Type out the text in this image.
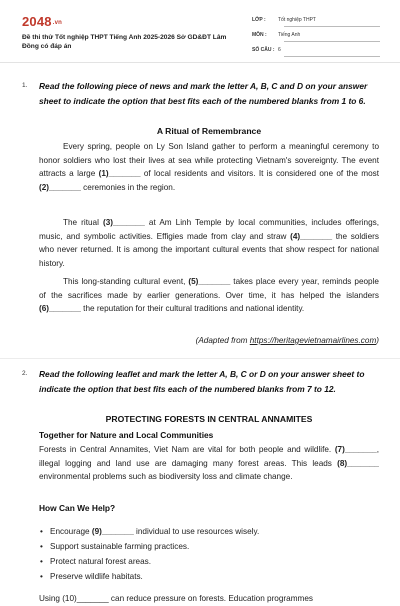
2048.vn
Đề thi thử Tốt nghiệp THPT Tiếng Anh 2025-2026 Sở GD&ĐT Lâm Đồng có đáp án
LỚP : Tốt nghiệp THPT
MÔN : Tiếng Anh
SỐ CÂU : 6
1. Read the following piece of news and mark the letter A, B, C and D on your answer sheet to indicate the option that best fits each of the numbered blanks from 1 to 6.
A Ritual of Remembrance
Every spring, people on Ly Son Island gather to perform a meaningful ceremony to honor soldiers who lost their lives at sea while protecting Vietnam's sovereignty. The event attracts a large (1)_______ of local residents and visitors. It is considered one of the most (2)_______ ceremonies in the region.
The ritual (3)_______ at Am Linh Temple by local communities, includes offerings, music, and symbolic activities. Effigies made from clay and straw (4)_______ the soldiers who never returned. It is among the important cultural events that show respect for national history.
This long-standing cultural event, (5)_______ takes place every year, reminds people of the sacrifices made by earlier generations. Over time, it has helped the islanders (6)_______ the reputation for their cultural traditions and national identity.
(Adapted from https://heritagevietnamairlines.com)
2. Read the following leaflet and mark the letter A, B, C or D on your answer sheet to indicate the option that best fits each of the numbered blanks from 7 to 12.
PROTECTING FORESTS IN CENTRAL ANNAMITES
Together for Nature and Local Communities
Forests in Central Annamites, Viet Nam are vital for both people and wildlife. (7)_______, illegal logging and land use are damaging many forest areas. This leads (8)_______ environmental problems such as biodiversity loss and climate change.
How Can We Help?
• Encourage (9)_______ individual to use resources wisely.
• Support sustainable farming practices.
• Protect natural forest areas.
• Preserve wildlife habitats.
Using (10)_______ can reduce pressure on forests. Education programmes
